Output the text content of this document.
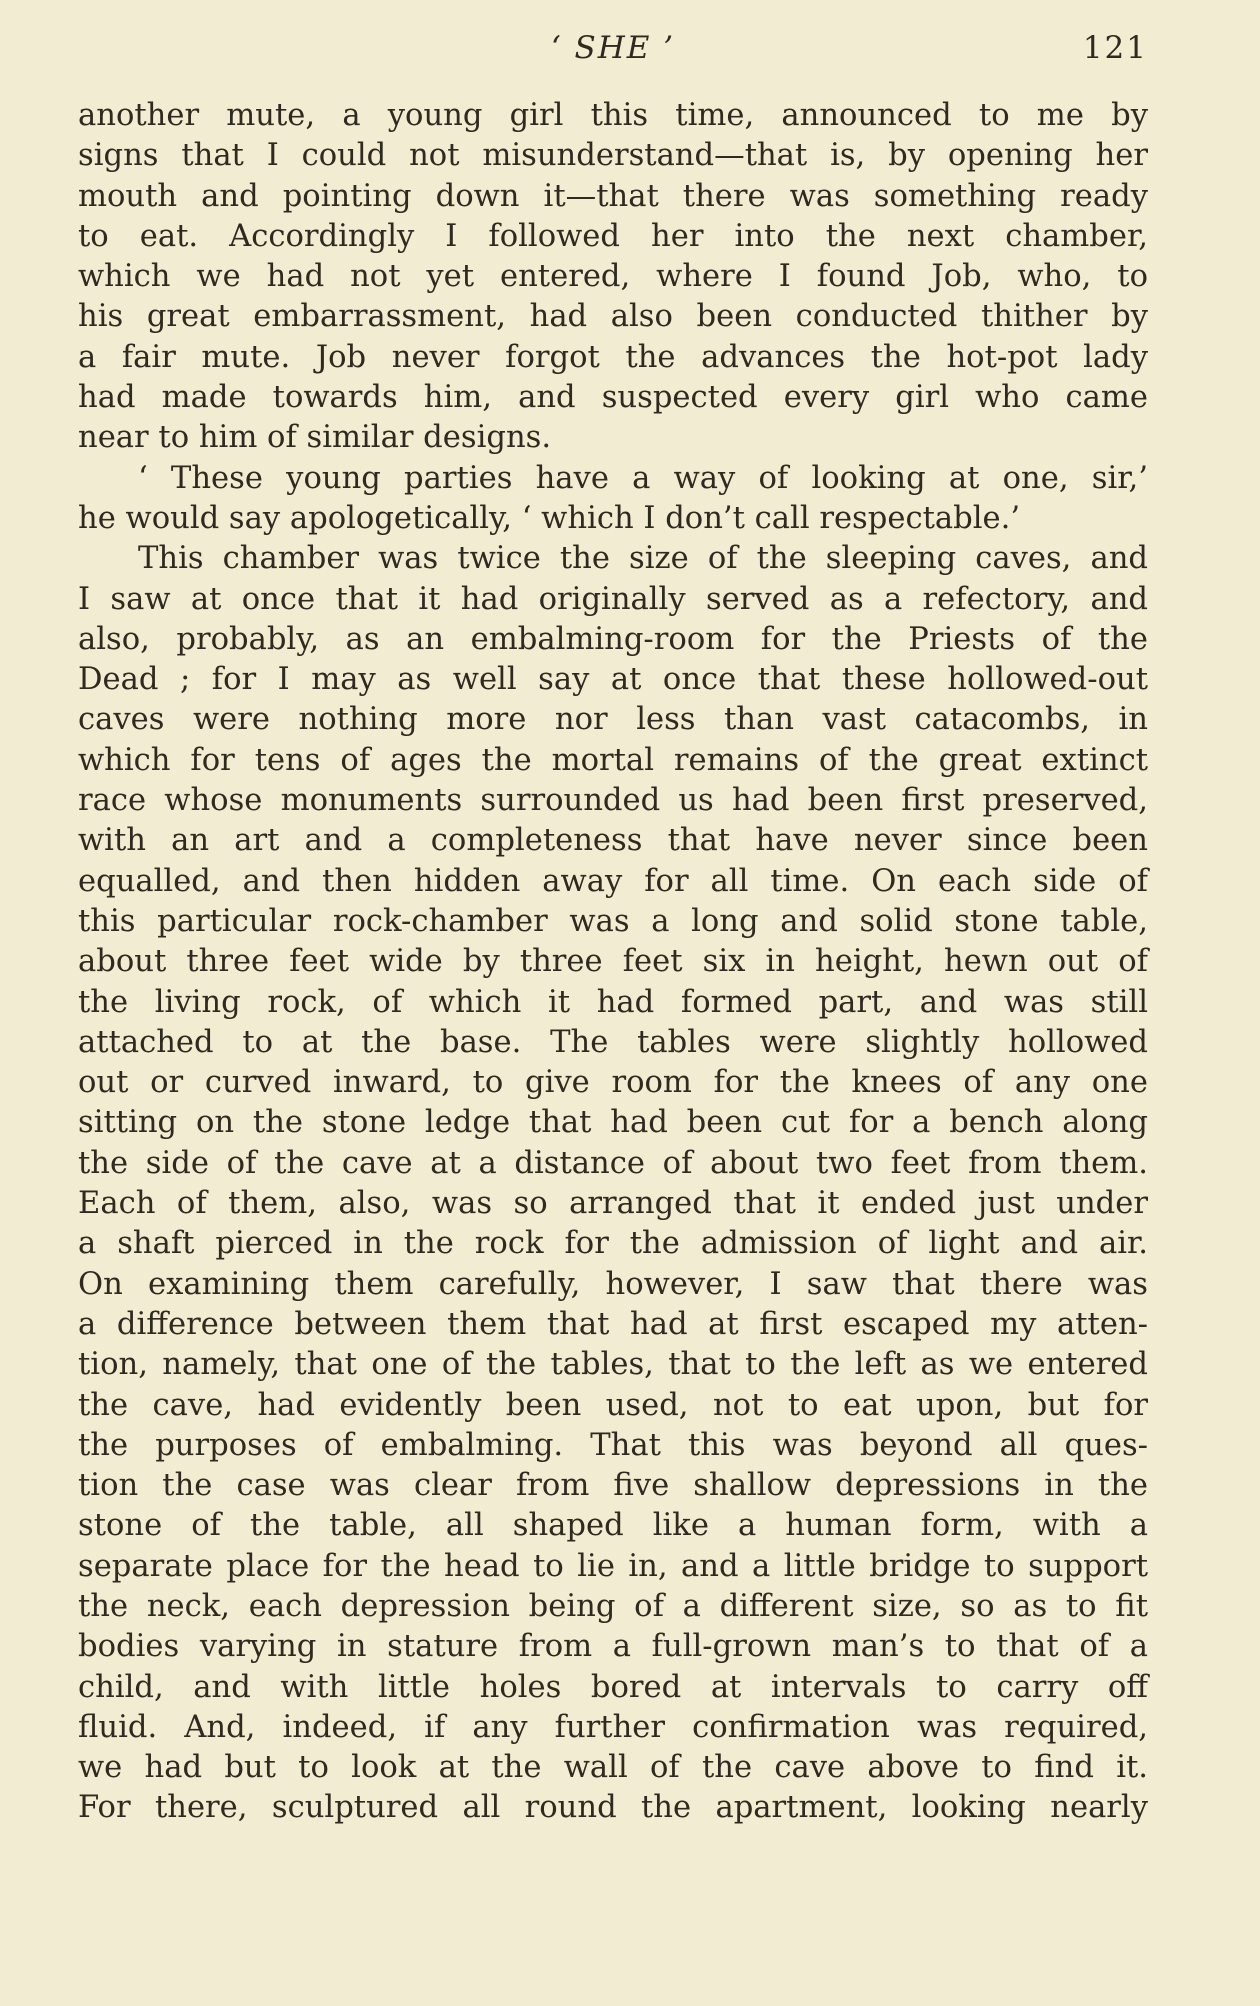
‘ SHE ’	121
another mute, a young girl this time, announced to me by
signs that I could not misunderstand—that is, by opening her
mouth and pointing down it—that there was something ready
to eat. Accordingly I followed her into the next chamber,
which we had not yet entered, where I found Job, who, to
his great embarrassment, had also been conducted thither by
a fair mute. Job never forgot the advances the hot-pot lady
had made towards him, and suspected every girl who came
near to him of similar designs.
‘ These young parties have a way of looking at one, sir,’
he would say apologetically, ‘ which I don’t call respectable.’
This chamber was twice the size of the sleeping caves, and
I saw at once that it had originally served as a refectory, and
also, probably, as an embalming-room for the Priests of the
Dead ; for I may as well say at once that these hollowed-out
caves were nothing more nor less than vast catacombs, in
which for tens of ages the mortal remains of the great extinct
race whose monuments surrounded us had been first preserved,
with an art and a completeness that have never since been
equalled, and then hidden away for all time. On each side of
this particular rock-chamber was a long and solid stone table,
about three feet wide by three feet six in height, hewn out of
the living rock, of which it had formed part, and was still
attached to at the base. The tables were slightly hollowed
out or curved inward, to give room for the knees of any one
sitting on the stone ledge that had been cut for a bench along
the side of the cave at a distance of about two feet from them.
Each of them, also, was so arranged that it ended just under
a shaft pierced in the rock for the admission of light and air.
On examining them carefully, however, I saw that there was
a difference between them that had at first escaped my atten-
tion, namely, that one of the tables, that to the left as we entered
the cave, had evidently been used, not to eat upon, but for
the purposes of embalming. That this was beyond all ques-
tion the case was clear from five shallow depressions in the
stone of the table, all shaped like a human form, with a
separate place for the head to lie in, and a little bridge to support
the neck, each depression being of a different size, so as to fit
bodies varying in stature from a full-grown man’s to that of a
child, and with little holes bored at intervals to carry off
fluid. And, indeed, if any further confirmation was required,
we had but to look at the wall of the cave above to find it.
For there, sculptured all round the apartment, looking nearly
